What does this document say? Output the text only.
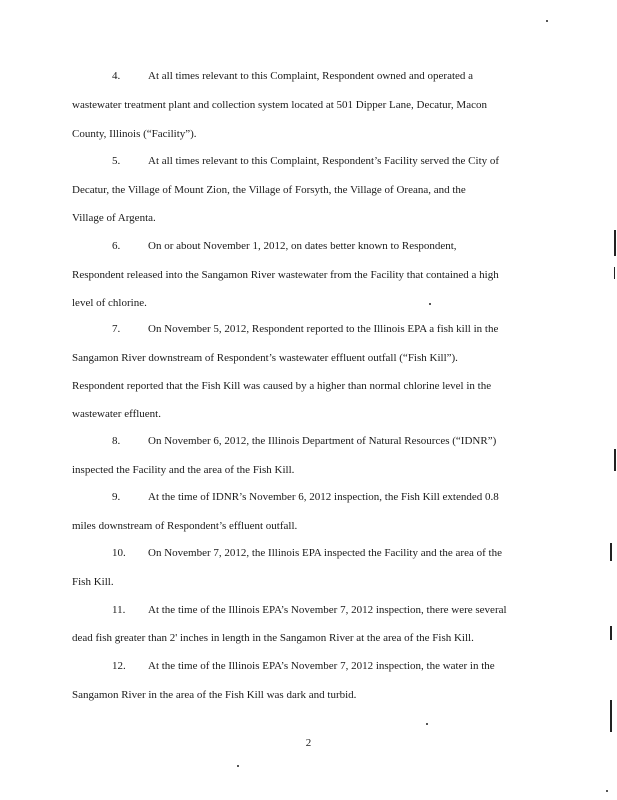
4.	At all times relevant to this Complaint, Respondent owned and operated a
wastewater treatment plant and collection system located at 501 Dipper Lane, Decatur, Macon
County, Illinois (“Facility”).
5.	At all times relevant to this Complaint, Respondent’s Facility served the City of
Decatur, the Village of Mount Zion, the Village of Forsyth, the Village of Oreana, and the
Village of Argenta.
6.	On or about November 1, 2012, on dates better known to Respondent,
Respondent released into the Sangamon River wastewater from the Facility that contained a high
level of chlorine.
7.	On November 5, 2012, Respondent reported to the Illinois EPA a fish kill in the
Sangamon River downstream of Respondent’s wastewater effluent outfall (“Fish Kill”).
Respondent reported that the Fish Kill was caused by a higher than normal chlorine level in the
wastewater effluent.
8.	On November 6, 2012, the Illinois Department of Natural Resources (“IDNR”)
inspected the Facility and the area of the Fish Kill.
9.	At the time of IDNR’s November 6, 2012 inspection, the Fish Kill extended 0.8
miles downstream of Respondent’s effluent outfall.
10. On November 7, 2012, the Illinois EPA inspected the Facility and the area of the
Fish Kill.
11. At the time of the Illinois EPA’s November 7, 2012 inspection, there were several
dead fish greater than 2' inches in length in the Sangamon River at the area of the Fish Kill.
12. At the time of the Illinois EPA’s November 7, 2012 inspection, the water in the
Sangamon River in the area of the Fish Kill was dark and turbid.
2
